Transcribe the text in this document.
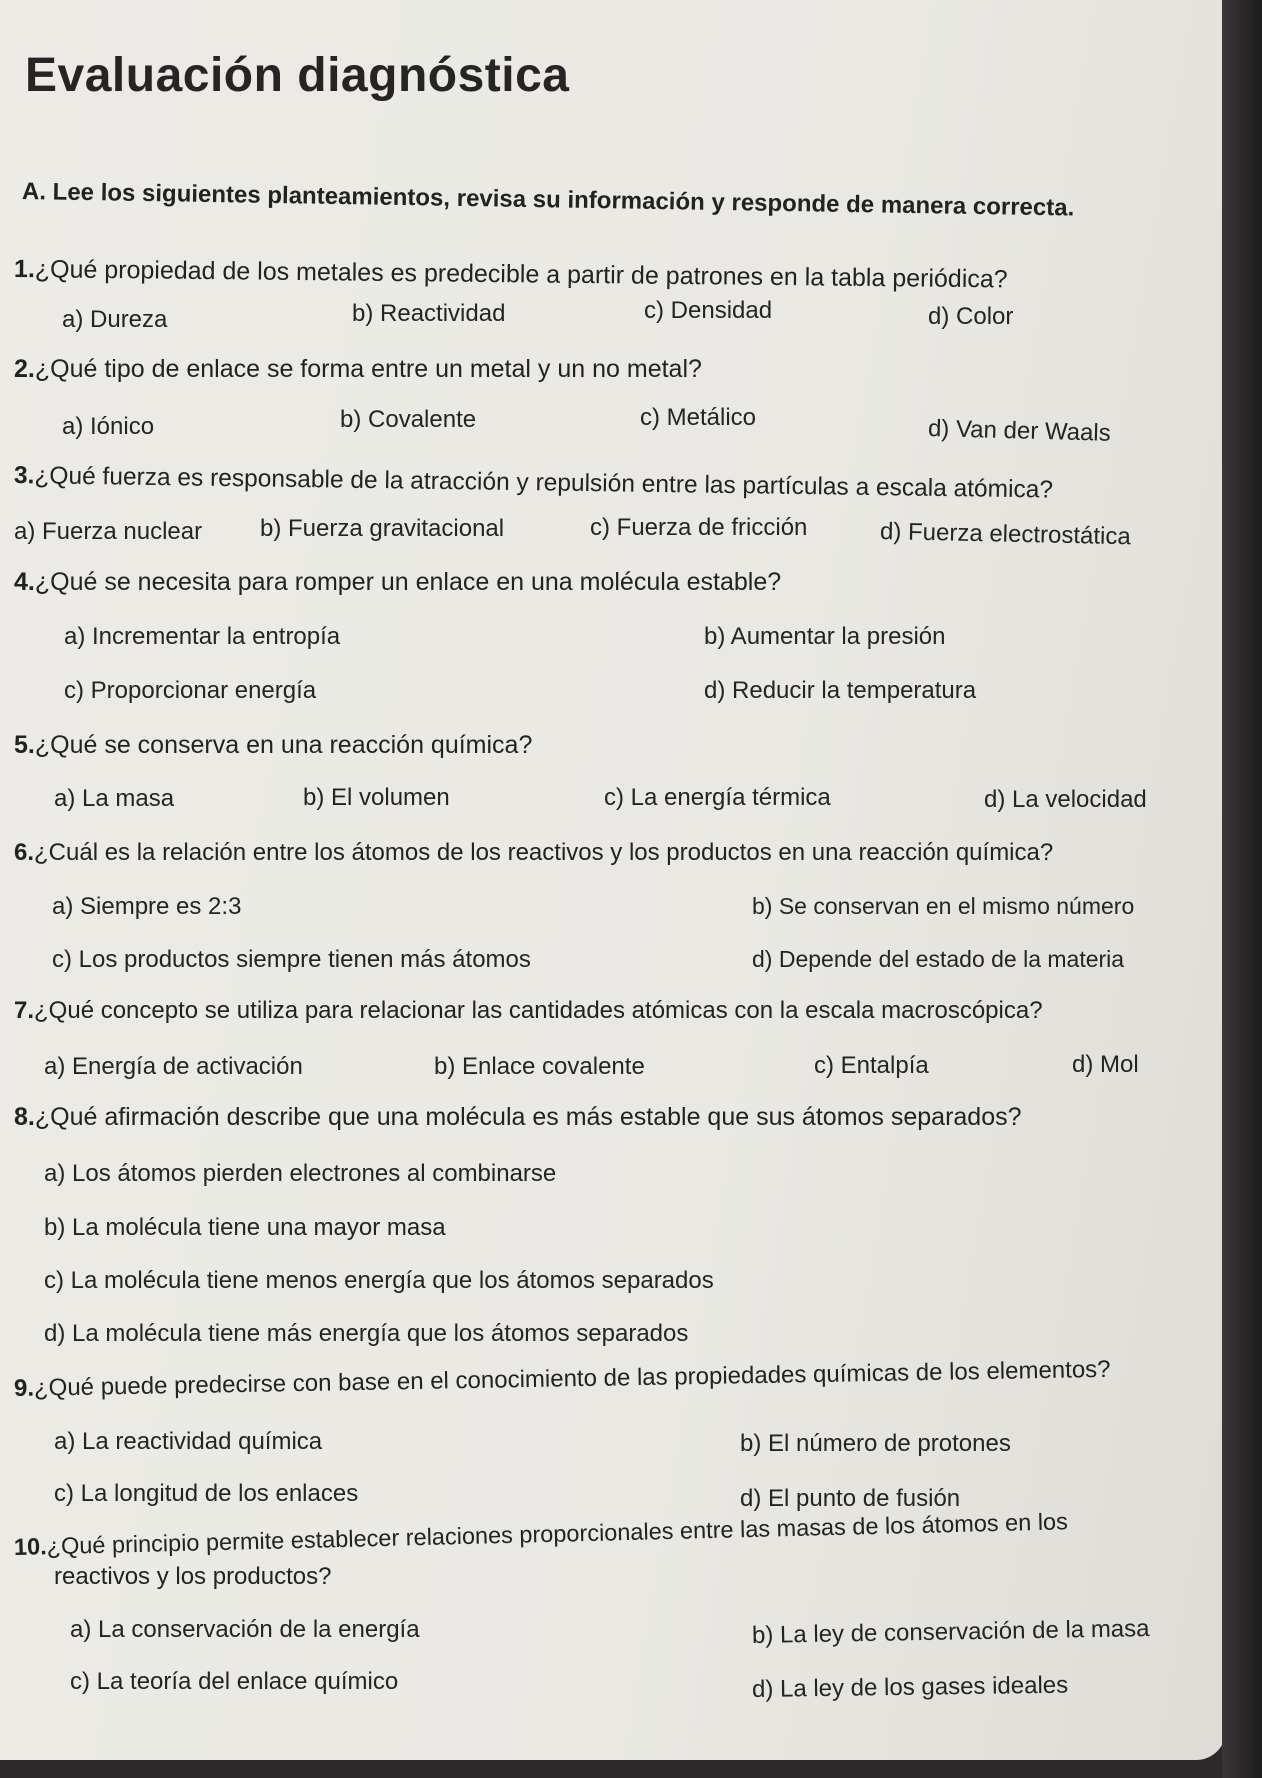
Evaluación diagnóstica
A. Lee los siguientes planteamientos, revisa su información y responde de manera correcta.
1.¿Qué propiedad de los metales es predecible a partir de patrones en la tabla periódica?
a) Dureza	b) Reactividad	c) Densidad	d) Color
2.¿Qué tipo de enlace se forma entre un metal y un no metal?
a) Iónico	b) Covalente	c) Metálico	d) Van der Waals
3.¿Qué fuerza es responsable de la atracción y repulsión entre las partículas a escala atómica?
a) Fuerza nuclear b) Fuerza gravitacional	c) Fuerza de fricción	d) Fuerza electrostática
4.¿Qué se necesita para romper un enlace en una molécula estable?
a) Incrementar la entropía	b) Aumentar la presión
c) Proporcionar energía	d) Reducir la temperatura
5.¿Qué se conserva en una reacción química?
a) La masa	b) El volumen	c) La energía térmica	d) La velocidad
6.¿Cuál es la relación entre los átomos de los reactivos y los productos en una reacción química?
a) Siempre es 2:3	b) Se conservan en el mismo número
c) Los productos siempre tienen más átomos	d) Depende del estado de la materia
7.¿Qué concepto se utiliza para relacionar las cantidades atómicas con la escala macroscópica?
a) Energía de activación	b) Enlace covalente	c) Entalpía	d) Mol
8.¿Qué afirmación describe que una molécula es más estable que sus átomos separados?
a) Los átomos pierden electrones al combinarse
b) La molécula tiene una mayor masa
c) La molécula tiene menos energía que los átomos separados
d) La molécula tiene más energía que los átomos separados
9.¿Qué puede predecirse con base en el conocimiento de las propiedades químicas de los elementos?
a) La reactividad química	b) El número de protones
c) La longitud de los enlaces	d) El punto de fusión
10.¿Qué principio permite establecer relaciones proporcionales entre las masas de los átomos en los
reactivos y los productos?
a) La conservación de la energía	b) La ley de conservación de la masa
c) La teoría del enlace químico	d) La ley de los gases ideales
